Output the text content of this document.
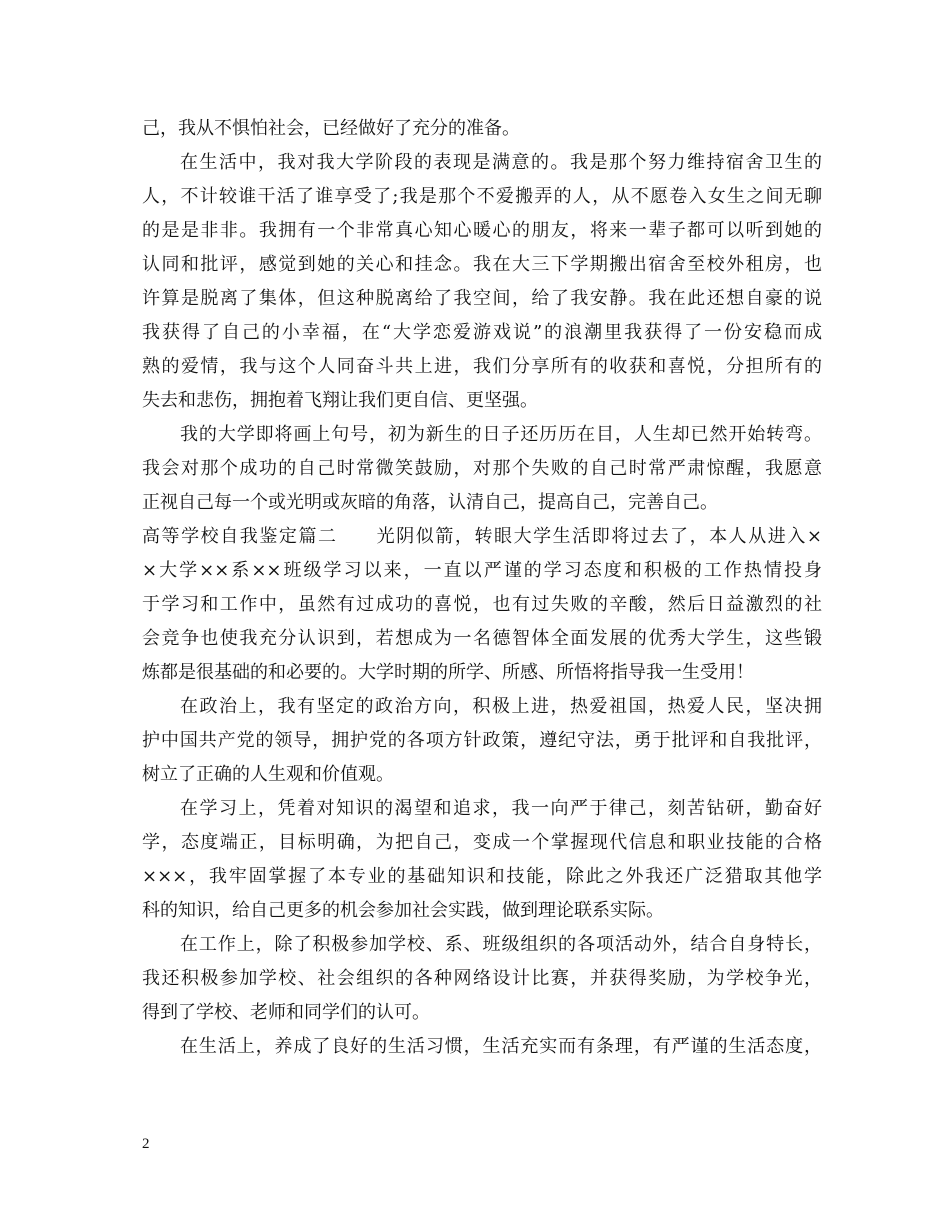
己，我从不惧怕社会，已经做好了充分的准备。
在生活中，我对我大学阶段的表现是满意的。我是那个努力维持宿舍卫生的
人，不计较谁干活了谁享受了;我是那个不爱搬弄的人，从不愿卷入女生之间无聊
的是是非非。我拥有一个非常真心知心暖心的朋友，将来一辈子都可以听到她的
认同和批评，感觉到她的关心和挂念。我在大三下学期搬出宿舍至校外租房，也
许算是脱离了集体，但这种脱离给了我空间，给了我安静。我在此还想自豪的说
我获得了自己的小幸福，在“大学恋爱游戏说”的浪潮里我获得了一份安稳而成
熟的爱情，我与这个人同奋斗共上进，我们分享所有的收获和喜悦，分担所有的
失去和悲伤，拥抱着飞翔让我们更自信、更坚强。
我的大学即将画上句号，初为新生的日子还历历在目，人生却已然开始转弯。
我会对那个成功的自己时常微笑鼓励，对那个失败的自己时常严肃惊醒，我愿意
正视自己每一个或光明或灰暗的角落，认清自己，提高自己，完善自己。
高等学校自我鉴定篇二　　光阴似箭，转眼大学生活即将过去了，本人从进入×
×大学××系××班级学习以来，一直以严谨的学习态度和积极的工作热情投身
于学习和工作中，虽然有过成功的喜悦，也有过失败的辛酸，然后日益激烈的社
会竞争也使我充分认识到，若想成为一名德智体全面发展的优秀大学生，这些锻
炼都是很基础的和必要的。大学时期的所学、所感、所悟将指导我一生受用！
在政治上，我有坚定的政治方向，积极上进，热爱祖国，热爱人民，坚决拥
护中国共产党的领导，拥护党的各项方针政策，遵纪守法，勇于批评和自我批评，
树立了正确的人生观和价值观。
在学习上，凭着对知识的渴望和追求，我一向严于律己，刻苦钻研，勤奋好
学，态度端正，目标明确，为把自己，变成一个掌握现代信息和职业技能的合格
×××，我牢固掌握了本专业的基础知识和技能，除此之外我还广泛猎取其他学
科的知识，给自己更多的机会参加社会实践，做到理论联系实际。
在工作上，除了积极参加学校、系、班级组织的各项活动外，结合自身特长，
我还积极参加学校、社会组织的各种网络设计比赛，并获得奖励，为学校争光，
得到了学校、老师和同学们的认可。
在生活上，养成了良好的生活习惯，生活充实而有条理，有严谨的生活态度，
2
